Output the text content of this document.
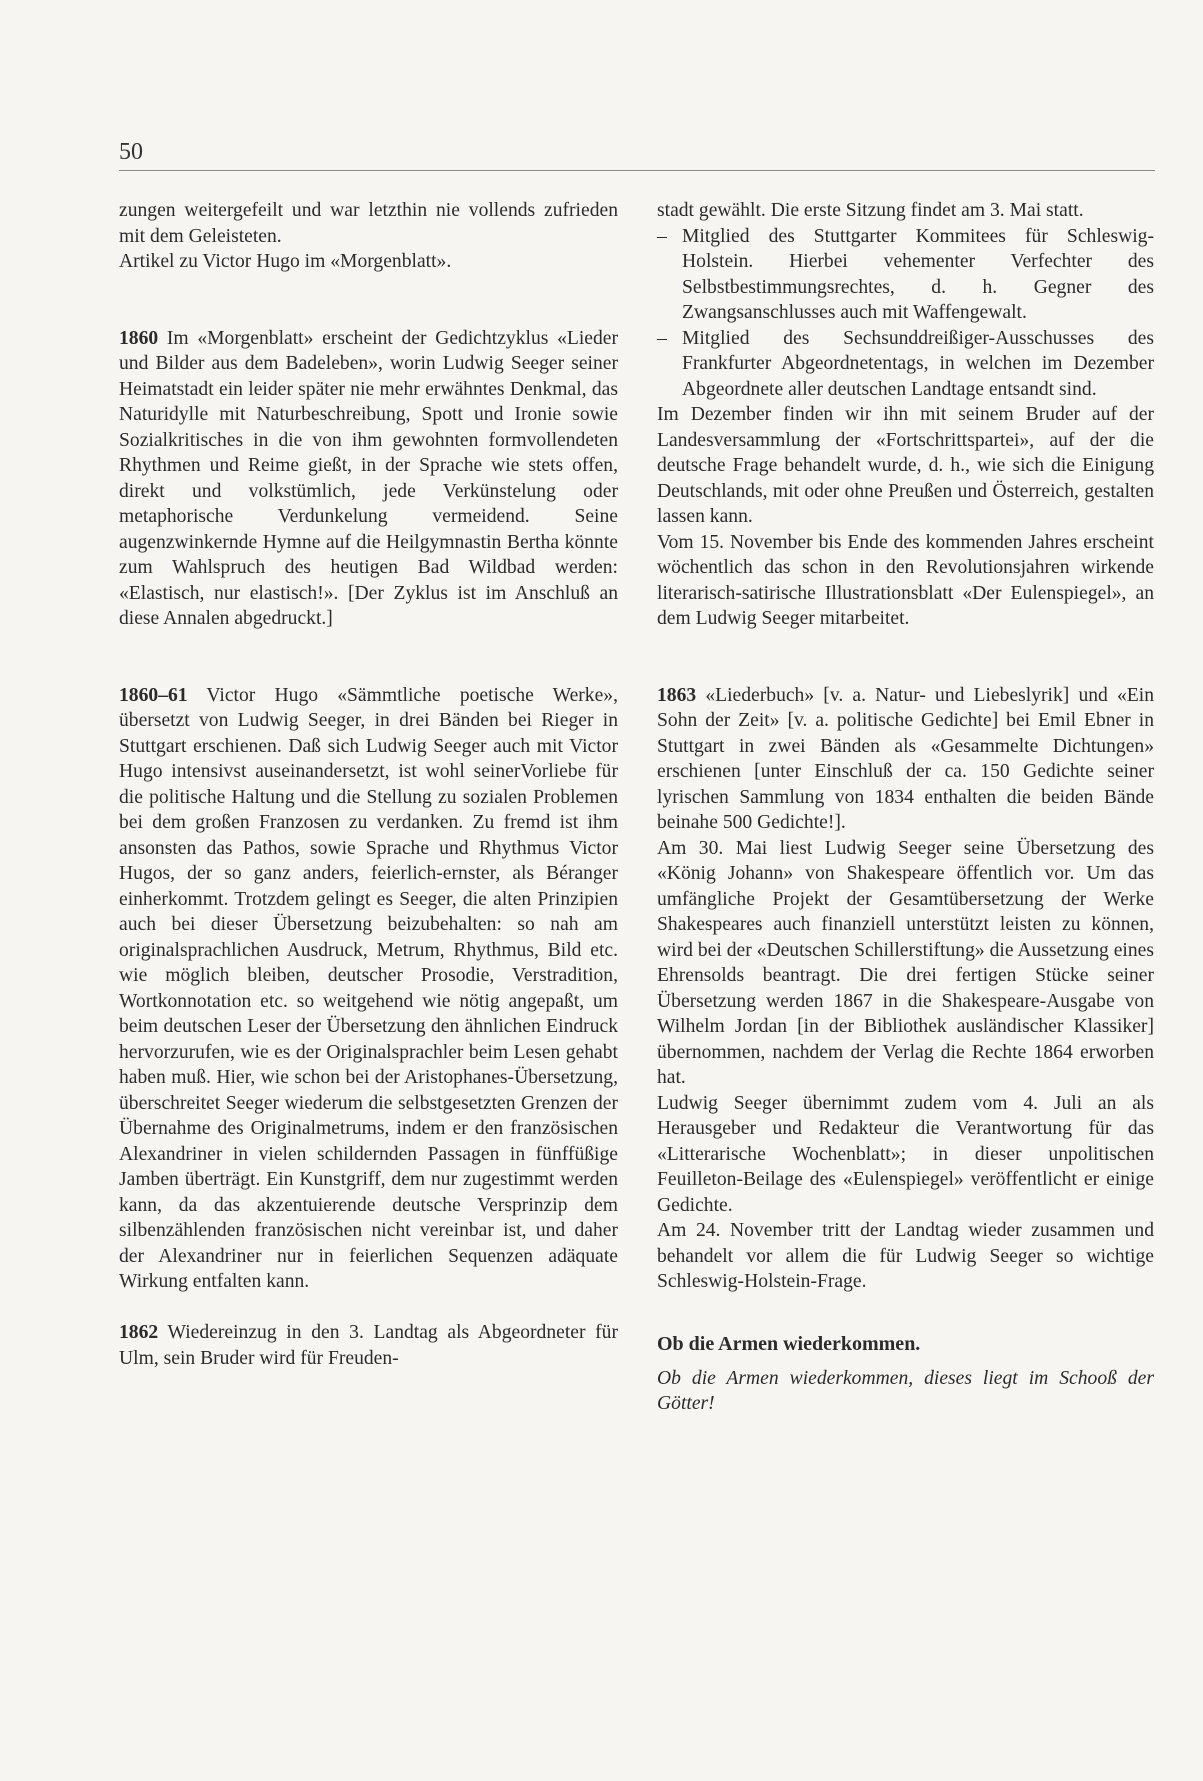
50

zungen weitergefeilt und war letzthin nie vollends zufrieden mit dem Geleisteten.

Artikel zu Victor Hugo im «Morgenblatt».

1860 Im «Morgenblatt» erscheint der Gedichtzyklus «Lieder und Bilder aus dem Badeleben», worin Ludwig Seeger seiner Heimatstadt ein leider später nie mehr erwähntes Denkmal, das Naturidylle mit Naturbeschreibung, Spott und Ironie sowie Sozialkritisches in die von ihm gewohnten formvollendeten Rhythmen und Reime gießt, in der Sprache wie stets offen, direkt und volkstümlich, jede Verkünstelung oder metaphorische Verdunkelung vermeidend. Seine augenzwinkernde Hymne auf die Heilgymnastin Bertha könnte zum Wahlspruch des heutigen Bad Wildbad werden: «Elastisch, nur elastisch!». [Der Zyklus ist im Anschluß an diese Annalen abgedruckt.]

1860–61 Victor Hugo «Sämmtliche poetische Werke», übersetzt von Ludwig Seeger, in drei Bänden bei Rieger in Stuttgart erschienen. Daß sich Ludwig Seeger auch mit Victor Hugo intensivst auseinandersetzt, ist wohl seinerVorliebe für die politische Haltung und die Stellung zu sozialen Problemen bei dem großen Franzosen zu verdanken. Zu fremd ist ihm ansonsten das Pathos, sowie Sprache und Rhythmus Victor Hugos, der so ganz anders, feierlich-ernster, als Béranger einherkommt. Trotzdem gelingt es Seeger, die alten Prinzipien auch bei dieser Übersetzung beizubehalten: so nah am originalsprachlichen Ausdruck, Metrum, Rhythmus, Bild etc. wie möglich bleiben, deutscher Prosodie, Verstradition, Wortkonnotation etc. so weitgehend wie nötig angepaßt, um beim deutschen Leser der Übersetzung den ähnlichen Eindruck hervorzurufen, wie es der Originalsprachler beim Lesen gehabt haben muß. Hier, wie schon bei der Aristophanes-Übersetzung, überschreitet Seeger wiederum die selbstgesetzten Grenzen der Übernahme des Originalmetrums, indem er den französischen Alexandriner in vielen schildernden Passagen in fünffüßige Jamben überträgt. Ein Kunstgriff, dem nur zugestimmt werden kann, da das akzentuierende deutsche Versprinzip dem silbenzählenden französischen nicht vereinbar ist, und daher der Alexandriner nur in feierlichen Sequenzen adäquate Wirkung entfalten kann.

1862 Wiedereinzug in den 3. Landtag als Abgeordneter für Ulm, sein Bruder wird für Freuden-

stadt gewählt. Die erste Sitzung findet am 3. Mai statt.

– Mitglied des Stuttgarter Kommitees für Schleswig-Holstein. Hierbei vehementer Verfechter des Selbstbestimmungsrechtes, d. h. Gegner des Zwangsanschlusses auch mit Waffengewalt.
– Mitglied des Sechsunddreißiger-Ausschusses des Frankfurter Abgeordnetentags, in welchen im Dezember Abgeordnete aller deutschen Landtage entsandt sind.

Im Dezember finden wir ihn mit seinem Bruder auf der Landesversammlung der «Fortschrittspartei», auf der die deutsche Frage behandelt wurde, d. h., wie sich die Einigung Deutschlands, mit oder ohne Preußen und Österreich, gestalten lassen kann.

Vom 15. November bis Ende des kommenden Jahres erscheint wöchentlich das schon in den Revolutionsjahren wirkende literarisch-satirische Illustrationsblatt «Der Eulenspiegel», an dem Ludwig Seeger mitarbeitet.

1863 «Liederbuch» [v. a. Natur- und Liebeslyrik] und «Ein Sohn der Zeit» [v. a. politische Gedichte] bei Emil Ebner in Stuttgart in zwei Bänden als «Gesammelte Dichtungen» erschienen [unter Einschluß der ca. 150 Gedichte seiner lyrischen Sammlung von 1834 enthalten die beiden Bände beinahe 500 Gedichte!].

Am 30. Mai liest Ludwig Seeger seine Übersetzung des «König Johann» von Shakespeare öffentlich vor. Um das umfängliche Projekt der Gesamtübersetzung der Werke Shakespeares auch finanziell unterstützt leisten zu können, wird bei der «Deutschen Schillerstiftung» die Aussetzung eines Ehrensolds beantragt. Die drei fertigen Stücke seiner Übersetzung werden 1867 in die Shakespeare-Ausgabe von Wilhelm Jordan [in der Bibliothek ausländischer Klassiker] übernommen, nachdem der Verlag die Rechte 1864 erworben hat.

Ludwig Seeger übernimmt zudem vom 4. Juli an als Herausgeber und Redakteur die Verantwortung für das «Litterarische Wochenblatt»; in dieser unpolitischen Feuilleton-Beilage des «Eulenspiegel» veröffentlicht er einige Gedichte.

Am 24. November tritt der Landtag wieder zusammen und behandelt vor allem die für Ludwig Seeger so wichtige Schleswig-Holstein-Frage.

Ob die Armen wiederkommen.

Ob die Armen wiederkommen, dieses liegt im Schooß der Götter!
